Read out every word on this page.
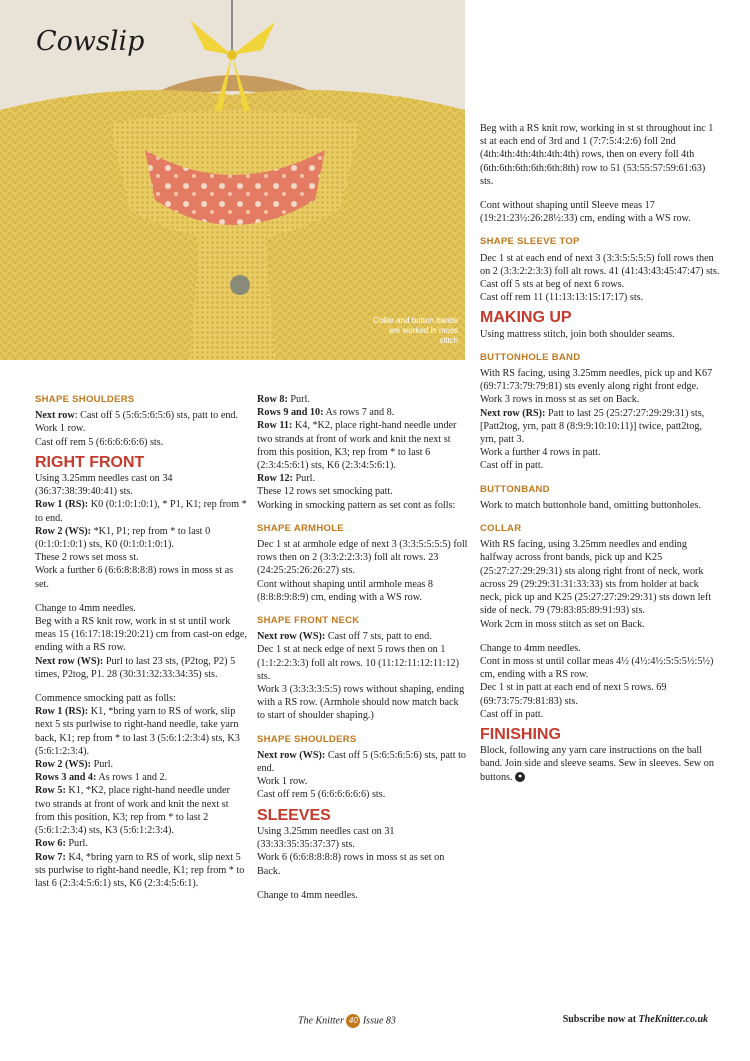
Cowslip
Collar and button bands are worked in moss stitch
SHAPE SHOULDERS

Next row: Cast off 5 (5:6:5:6:5:6) sts, patt to end.

Work 1 row.

Cast off rem 5 (6:6:6:6:6:6) sts.

RIGHT FRONT

Using 3.25mm needles cast on 34 (36:37:38:39:40:41) sts.

Row 1 (RS): K0 (0:1:0:1:0:1), * P1, K1; rep from * to end.

Row 2 (WS): *K1, P1; rep from * to last 0 (0:1:0:1:0:1) sts, K0 (0:1:0:1:0:1).

These 2 rows set moss st.

Work a further 6 (6:6:8:8:8:8) rows in moss st as set.

Change to 4mm needles.

Beg with a RS knit row, work in st st until work meas 15 (16:17:18:19:20:21) cm from cast-on edge, ending with a RS row.

Next row (WS): Purl to last 23 sts, (P2tog, P2) 5 times, P2tog, P1. 28 (30:31:32:33:34:35) sts.

Commence smocking patt as folls:

Row 1 (RS): K1, *bring yarn to RS of work, slip next 5 sts purlwise to right-hand needle, take yarn back, K1; rep from * to last 3 (5:6:1:2:3:4) sts, K3 (5:6:1:2:3:4).

Row 2 (WS): Purl.

Rows 3 and 4: As rows 1 and 2.

Row 5: K1, *K2, place right-hand needle under two strands at front of work and knit the next st from this position, K3; rep from * to last 2 (5:6:1:2:3:4) sts, K3 (5:6:1:2:3:4).

Row 6: Purl.

Row 7: K4, *bring yarn to RS of work, slip next 5 sts purlwise to right-hand needle, K1; rep from * to last 6 (2:3:4:5:6:1) sts, K6 (2:3:4:5:6:1).

Row 8: Purl.

Rows 9 and 10: As rows 7 and 8.

Row 11: K4, *K2, place right-hand needle under two strands at front of work and knit the next st from this position, K3; rep from * to last 6 (2:3:4:5:6:1) sts, K6 (2:3:4:5:6:1).

Row 12: Purl.

These 12 rows set smocking patt.

Working in smocking pattern as set cont as folls:

SHAPE ARMHOLE

Dec 1 st at armhole edge of next 3 (3:3:5:5:5:5) foll rows then on 2 (3:3:2:2:3:3) foll alt rows. 23 (24:25:25:26:26:27) sts.

Cont without shaping until armhole meas 8 (8:8:8:9:8:9) cm, ending with a WS row.

SHAPE FRONT NECK

Next row (WS): Cast off 7 sts, patt to end.

Dec 1 st at neck edge of next 5 rows then on 1 (1:1:2:2:3:3) foll alt rows. 10 (11:12:11:12:11:12) sts.

Work 3 (3:3:3:3:5:5) rows without shaping, ending with a RS row. (Armhole should now match back to start of shoulder shaping.)

SHAPE SHOULDERS

Next row (WS): Cast off 5 (5:6:5:6:5:6) sts, patt to end.

Work 1 row.

Cast off rem 5 (6:6:6:6:6:6) sts.

SLEEVES

Using 3.25mm needles cast on 31 (33:33:35:35:37:37) sts.

Work 6 (6:6:8:8:8:8) rows in moss st as set on Back.

Change to 4mm needles.

Beg with a RS knit row, working in st st throughout inc 1 st at each end of 3rd and 1 (7:7:5:4:2:6) foll 2nd (4th:4th:4th:4th:4th:4th) rows, then on every foll 4th (6th:6th:6th:6th:6th:8th) row to 51 (53:55:57:59:61:63) sts.

Cont without shaping until Sleeve meas 17 (19:21:23½:26:28½:33) cm, ending with a WS row.

SHAPE SLEEVE TOP

Dec 1 st at each end of next 3 (3:3:5:5:5:5) foll rows then on 2 (3:3:2:2:3:3) foll alt rows. 41 (41:43:43:45:47:47) sts.

Cast off 5 sts at beg of next 6 rows.

Cast off rem 11 (11:13:13:15:17:17) sts.

MAKING UP

Using mattress stitch, join both shoulder seams.

BUTTONHOLE BAND

With RS facing, using 3.25mm needles, pick up and K67 (69:71:73:79:79:81) sts evenly along right front edge.

Work 3 rows in moss st as set on Back.

Next row (RS): Patt to last 25 (25:27:27:29:29:31) sts, [Patt2tog, yrn, patt 8 (8:9:9:10:10:11)] twice, patt2tog, yrn, patt 3.

Work a further 4 rows in patt.

Cast off in patt.

BUTTONBAND

Work to match buttonhole band, omitting buttonholes.

COLLAR

With RS facing, using 3.25mm needles and ending halfway across front bands, pick up and K25 (25:27:27:29:29:31) sts along right front of neck, work across 29 (29:29:31:31:33:33) sts from holder at back neck, pick up and K25 (25:27:27:29:29:31) sts down left side of neck. 79 (79:83:85:89:91:93) sts.

Work 2cm in moss stitch as set on Back.

Change to 4mm needles.

Cont in moss st until collar meas 4½ (4½:4½:5:5:5½:5½) cm, ending with a RS row.

Dec 1 st in patt at each end of next 5 rows. 69 (69:73:75:79:81:83) sts.

Cast off in patt.

FINISHING

Block, following any yarn care instructions on the ball band. Join side and sleeve seams. Sew in sleeves. Sew on buttons. ●

The Knitter 40 Issue 83	Subscribe now at TheKnitter.co.uk
